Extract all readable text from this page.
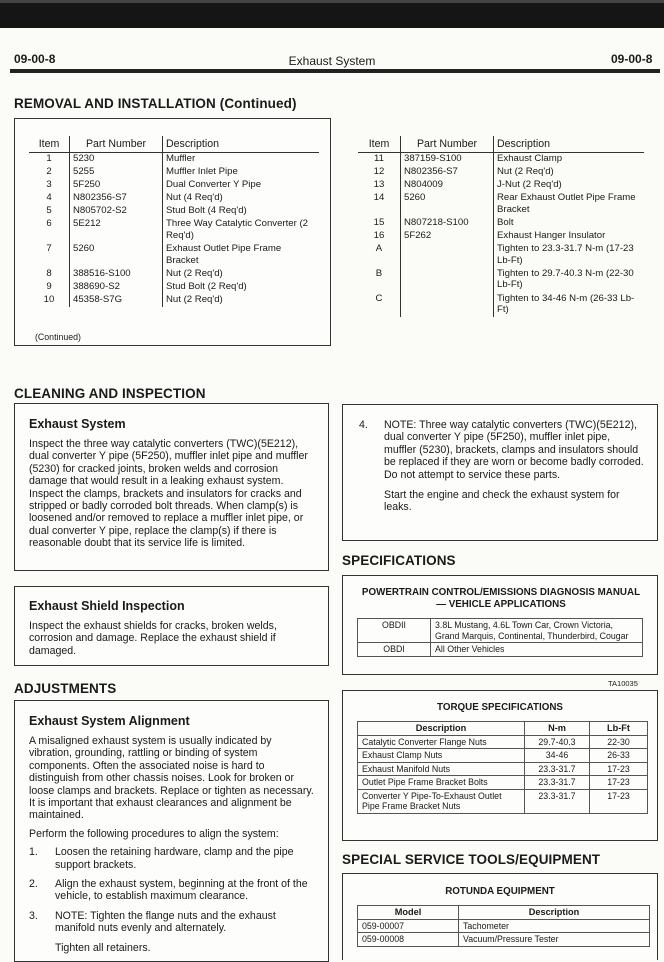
09-00-8	Exhaust System	09-00-8
REMOVAL AND INSTALLATION (Continued)
Item	Part Number	Description
1	5230	Muffler
2	5255	Muffler Inlet Pipe
3	5F250	Dual Converter Y Pipe
4	N802356-S7	Nut (4 Req'd)
5	N805702-S2	Stud Bolt (4 Req'd)
6	5E212	Three Way Catalytic Converter (2 Req'd)
7	5260	Exhaust Outlet Pipe Frame Bracket
8	388516-S100	Nut (2 Req'd)
9	388690-S2	Stud Bolt (2 Req'd)
10	45358-S7G	Nut (2 Req'd)
(Continued)
Item	Part Number	Description
11	387159-S100	Exhaust Clamp
12	N802356-S7	Nut (2 Req'd)
13	N804009	J-Nut (2 Req'd)
14	5260	Rear Exhaust Outlet Pipe Frame Bracket
15	N807218-S100	Bolt
16	5F262	Exhaust Hanger Insulator
A		Tighten to 23.3-31.7 N-m (17-23 Lb-Ft)
B		Tighten to 29.7-40.3 N-m (22-30 Lb-Ft)
C		Tighten to 34-46 N-m (26-33 Lb-Ft)
CLEANING AND INSPECTION
Exhaust System

Inspect the three way catalytic converters (TWC)(5E212), dual converter Y pipe (5F250), muffler inlet pipe and muffler (5230) for cracked joints, broken welds and corrosion damage that would result in a leaking exhaust system. Inspect the clamps, brackets and insulators for cracks and stripped or badly corroded bolt threads. When clamp(s) is loosened and/or removed to replace a muffler inlet pipe, or dual converter Y pipe, replace the clamp(s) if there is reasonable doubt that its service life is limited.

4. NOTE: Three way catalytic converters (TWC)(5E212), dual converter Y pipe (5F250), muffler inlet pipe, muffler (5230), brackets, clamps and insulators should be replaced if they are worn or become badly corroded. Do not attempt to service these parts.

Start the engine and check the exhaust system for leaks.

Exhaust Shield Inspection

Inspect the exhaust shields for cracks, broken welds, corrosion and damage. Replace the exhaust shield if damaged.

ADJUSTMENTS
Exhaust System Alignment

A misaligned exhaust system is usually indicated by vibration, grounding, rattling or binding of system components. Often the associated noise is hard to distinguish from other chassis noises. Look for broken or loose clamps and brackets. Replace or tighten as necessary. It is important that exhaust clearances and alignment be maintained.

Perform the following procedures to align the system:

1. Loosen the retaining hardware, clamp and the pipe support brackets.
2. Align the exhaust system, beginning at the front of the vehicle, to establish maximum clearance.
3. NOTE: Tighten the flange nuts and the exhaust manifold nuts evenly and alternately.

Tighten all retainers.

SPECIFICATIONS
POWERTRAIN CONTROL/EMISSIONS DIAGNOSIS MANUAL — VEHICLE APPLICATIONS
OBDII	3.8L Mustang, 4.6L Town Car, Crown Victoria, Grand Marquis, Continental, Thunderbird, Cougar
OBDI	All Other Vehicles
TA10035
TORQUE SPECIFICATIONS
Description	N-m	Lb-Ft
Catalytic Converter Flange Nuts	29.7-40.3	22-30
Exhaust Clamp Nuts	34-46	26-33
Exhaust Manifold Nuts	23.3-31.7	17-23
Outlet Pipe Frame Bracket Bolts	23.3-31.7	17-23
Converter Y Pipe-To-Exhaust Outlet Pipe Frame Bracket Nuts	23.3-31.7	17-23
SPECIAL SERVICE TOOLS/EQUIPMENT
ROTUNDA EQUIPMENT
Model	Description
059-00007	Tachometer
059-00008	Vacuum/Pressure Tester
